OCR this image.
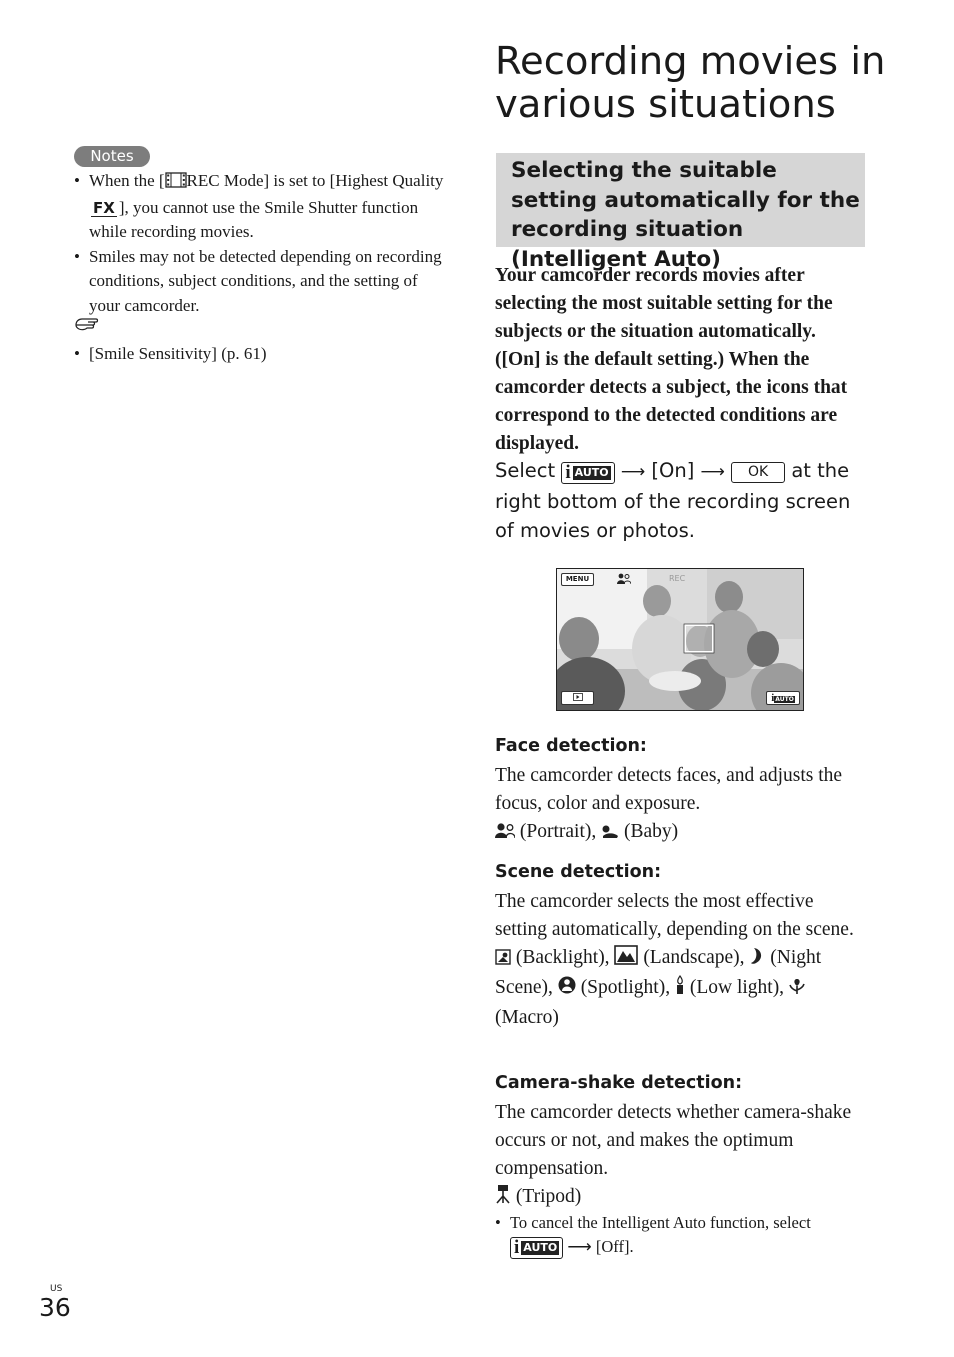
Notes

• When the [ REC Mode] is set to [Highest QualityFX ], you cannot use the Smile Shutter function while recording movies.

• Smiles may not be detected depending on recording conditions, subject conditions, and the setting of your camcorder.

• [Smile Sensitivity] (p. 61)

Recording movies in various situations
Selecting the suitable setting automatically for the recording situation (Intelligent Auto)

Your camcorder records movies after selecting the most suitable setting for the subjects or the situation automatically. ([On] is the default setting.) When the camcorder detects a subject, the icons that correspond to the detected conditions are displayed.

Select i AUTO ⟶ [On] ⟶ OK at the right bottom of the recording screen of movies or photos.

MENU	REC
iAUTO

Face detection:

The camcorder detects faces, and adjusts the focus, color and exposure.
(Portrait), (Baby)

Scene detection:

The camcorder selects the most effective setting automatically, depending on the scene.
(Backlight), (Landscape), (Night Scene), (Spotlight), (Low light),
(Macro)

Camera-shake detection:

The camcorder detects whether camera-shake occurs or not, and makes the optimum compensation.
(Tripod)

• To cancel the Intelligent Auto function, select

i AUTO ⟶ [Off].

US
36
